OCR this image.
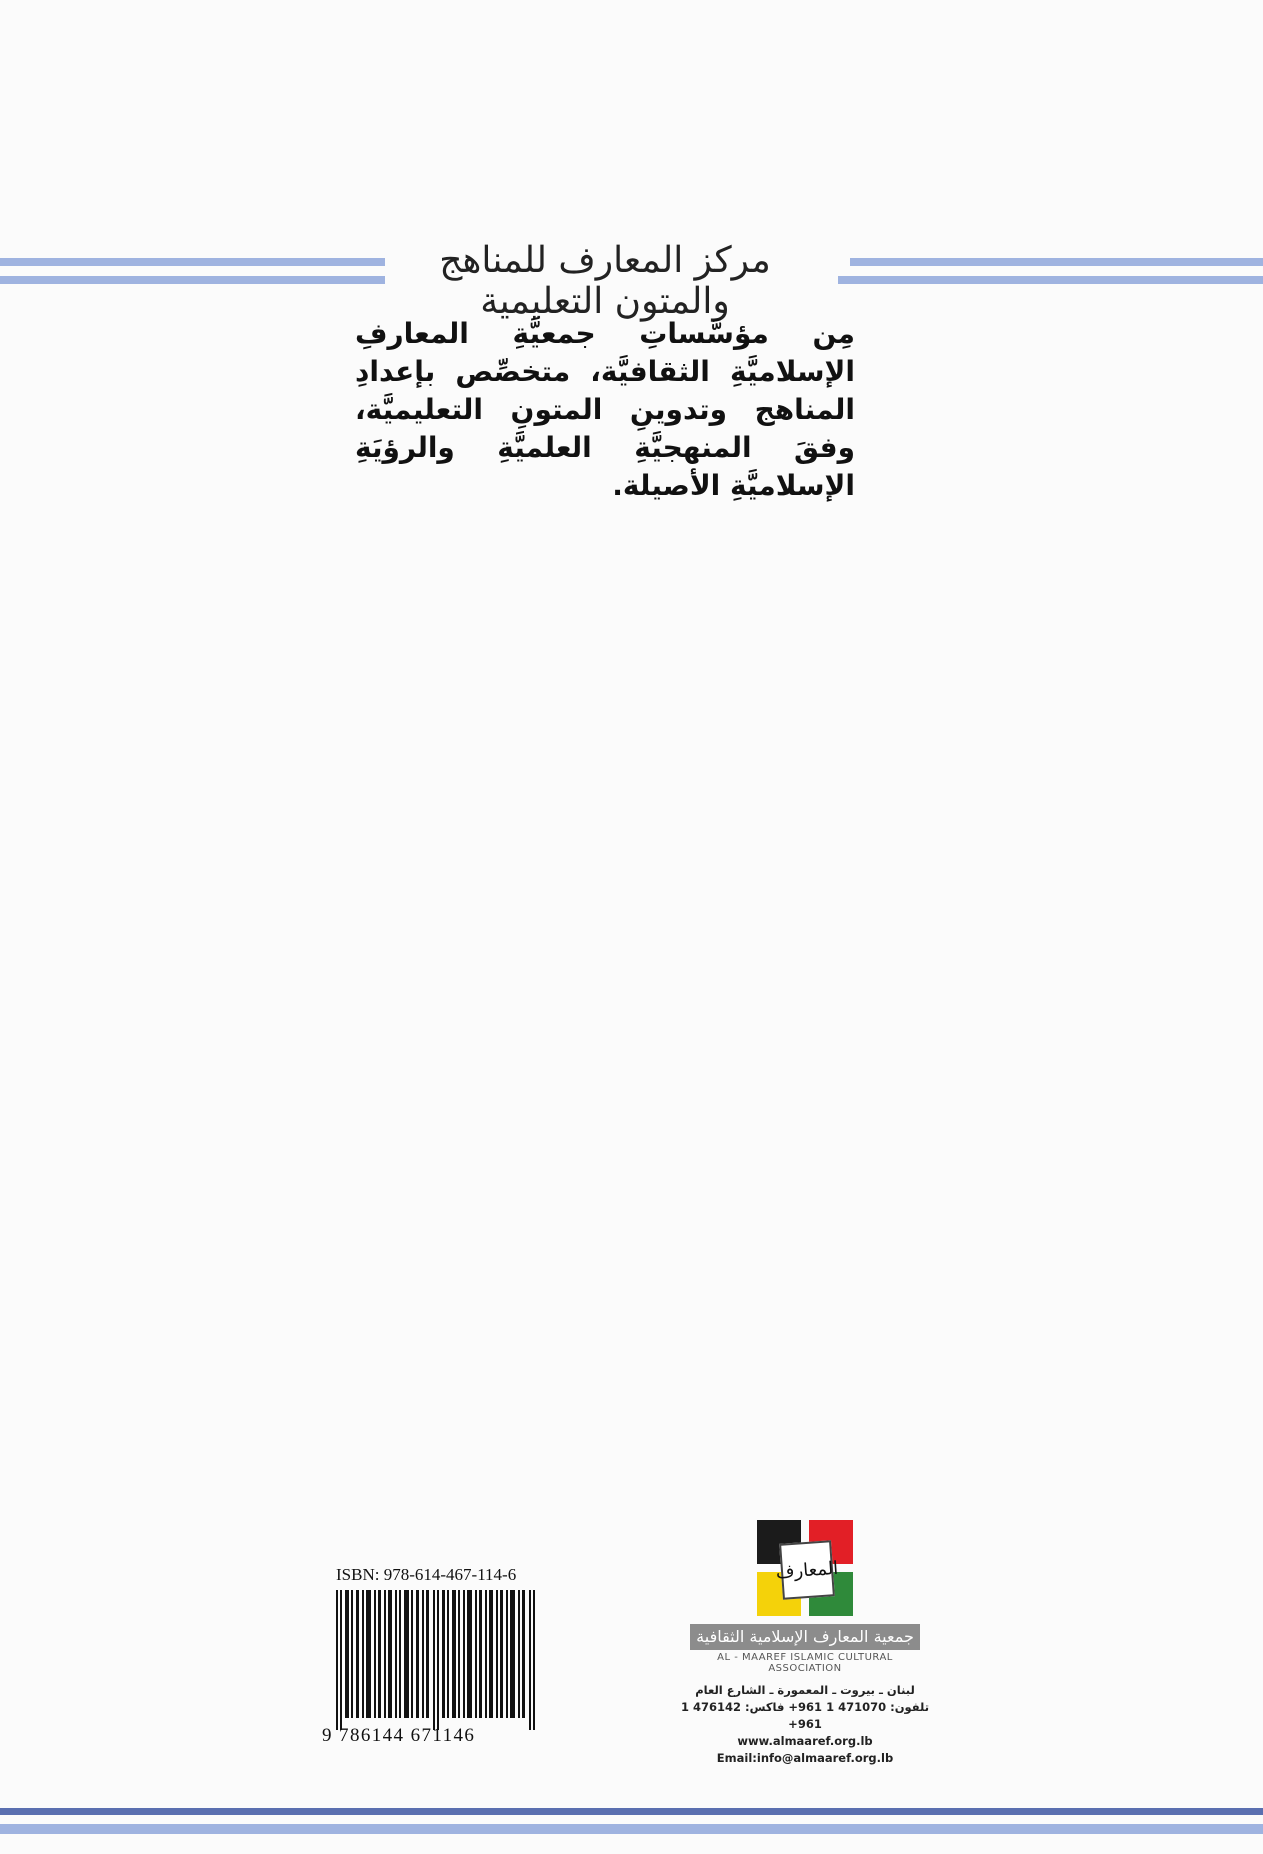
مركز المعارف للمناهج والمتون التعليمية
مِن مؤسَّساتِ جمعيَّةِ المعارفِ الإسلاميَّةِ الثقافيَّة، متخصِّص بإعدادِ المناهج وتدوينِ المتونِ التعليميَّة، وفقَ المنهجيَّةِ العلميَّةِ والرؤيَةِ الإسلاميَّةِ الأصيلة.
المعارف
جمعية المعارف الإسلامية الثقافية
AL - MAAREF ISLAMIC CULTURAL ASSOCIATION
لبنان ـ بيروت ـ المعمورة ـ الشارع العام
تلفون: 471070 1 961+ فاكس: 476142 1 961+
www.almaaref.org.lb
Email:info@almaaref.org.lb
ISBN: 978-614-467-114-6
9 786144 671146
